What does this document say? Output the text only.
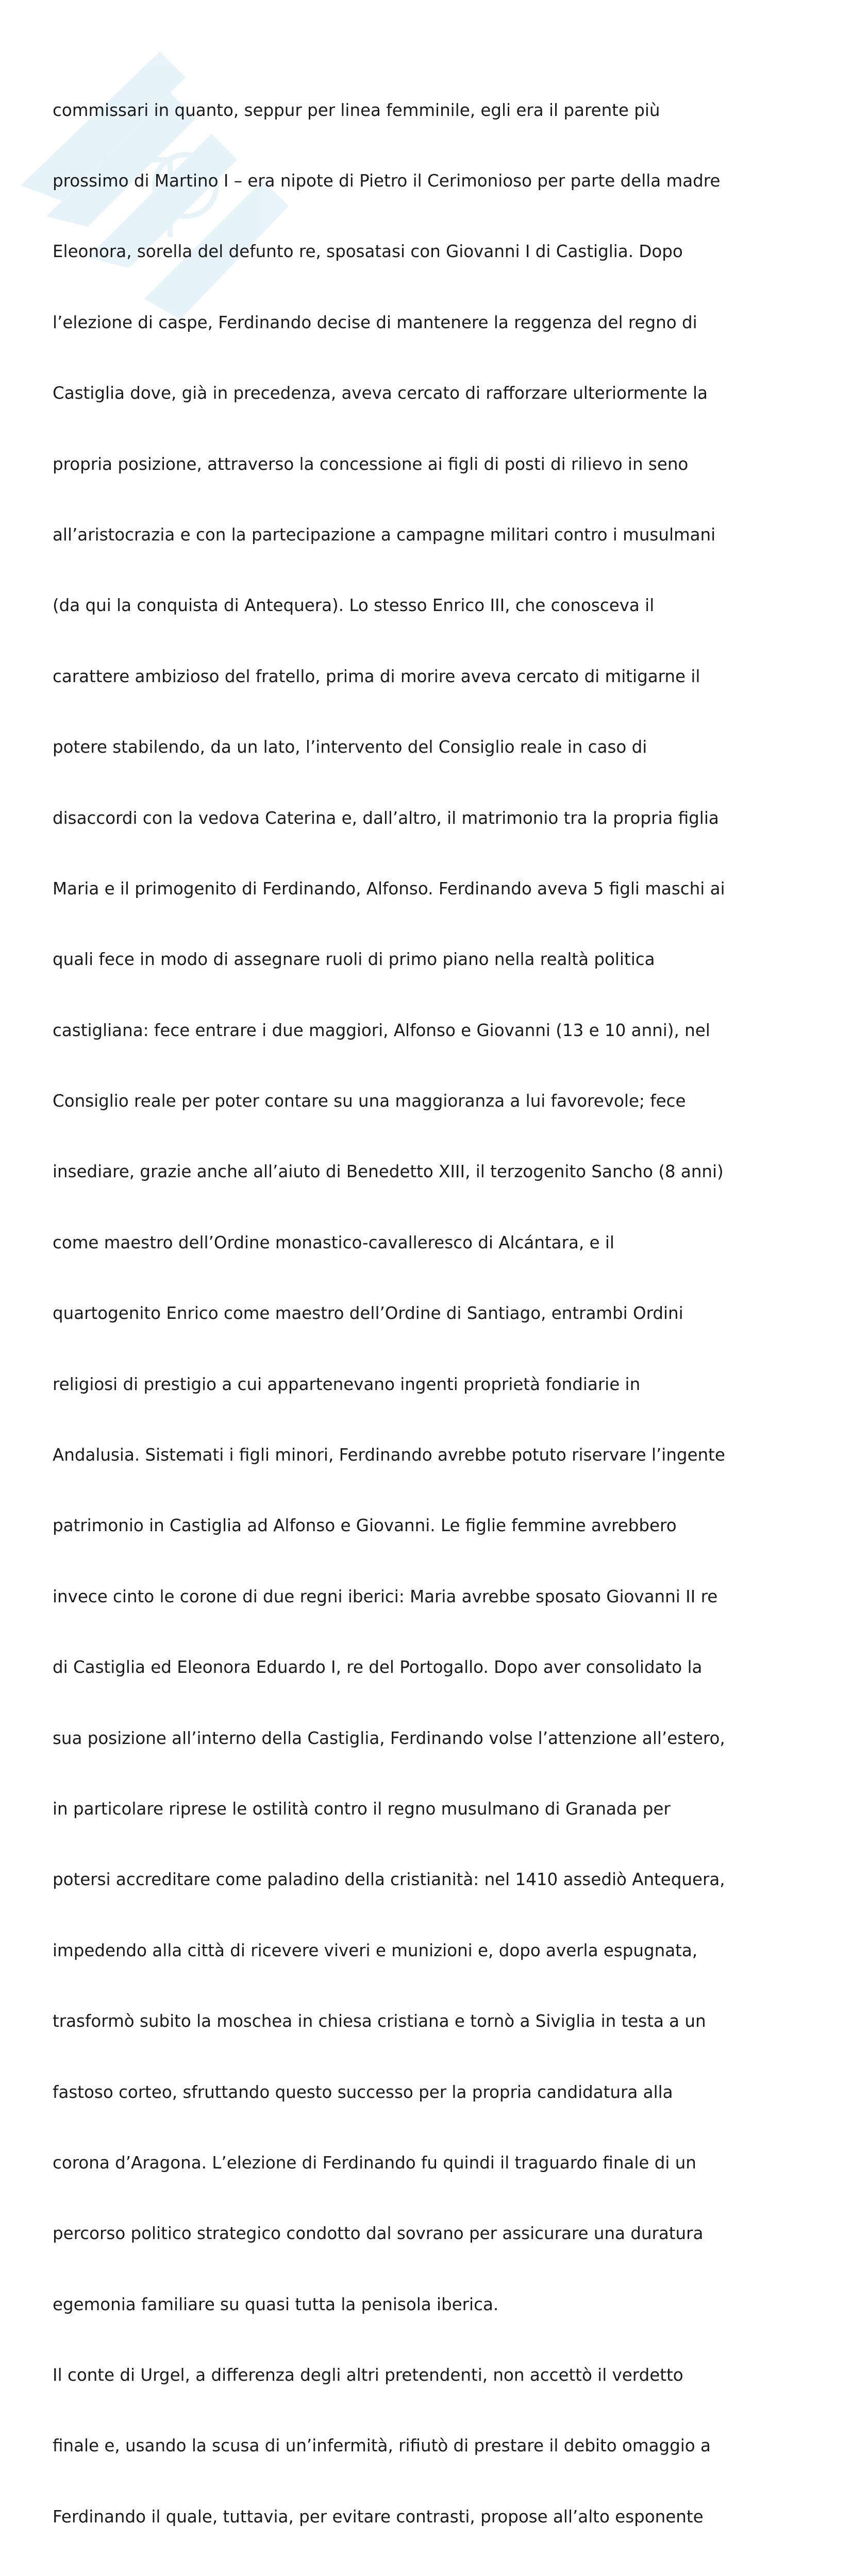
commissari in quanto, seppur per linea femminile, egli era il parente più

prossimo di Martino I – era nipote di Pietro il Cerimonioso per parte della madre

Eleonora, sorella del defunto re, sposatasi con Giovanni I di Castiglia. Dopo

l’elezione di caspe, Ferdinando decise di mantenere la reggenza del regno di

Castiglia dove, già in precedenza, aveva cercato di rafforzare ulteriormente la

propria posizione, attraverso la concessione ai figli di posti di rilievo in seno

all’aristocrazia e con la partecipazione a campagne militari contro i musulmani

(da qui la conquista di Antequera). Lo stesso Enrico III, che conosceva il

carattere ambizioso del fratello, prima di morire aveva cercato di mitigarne il

potere stabilendo, da un lato, l’intervento del Consiglio reale in caso di

disaccordi con la vedova Caterina e, dall’altro, il matrimonio tra la propria figlia

Maria e il primogenito di Ferdinando, Alfonso. Ferdinando aveva 5 figli maschi ai

quali fece in modo di assegnare ruoli di primo piano nella realtà politica

castigliana: fece entrare i due maggiori, Alfonso e Giovanni (13 e 10 anni), nel

Consiglio reale per poter contare su una maggioranza a lui favorevole; fece

insediare, grazie anche all’aiuto di Benedetto XIII, il terzogenito Sancho (8 anni)

come maestro dell’Ordine monastico-cavalleresco di Alcántara, e il

quartogenito Enrico come maestro dell’Ordine di Santiago, entrambi Ordini

religiosi di prestigio a cui appartenevano ingenti proprietà fondiarie in

Andalusia. Sistemati i figli minori, Ferdinando avrebbe potuto riservare l’ingente

patrimonio in Castiglia ad Alfonso e Giovanni. Le figlie femmine avrebbero

invece cinto le corone di due regni iberici: Maria avrebbe sposato Giovanni II re

di Castiglia ed Eleonora Eduardo I, re del Portogallo. Dopo aver consolidato la

sua posizione all’interno della Castiglia, Ferdinando volse l’attenzione all’estero,

in particolare riprese le ostilità contro il regno musulmano di Granada per

potersi accreditare come paladino della cristianità: nel 1410 assediò Antequera,

impedendo alla città di ricevere viveri e munizioni e, dopo averla espugnata,

trasformò subito la moschea in chiesa cristiana e tornò a Siviglia in testa a un

fastoso corteo, sfruttando questo successo per la propria candidatura alla

corona d’Aragona. L’elezione di Ferdinando fu quindi il traguardo finale di un

percorso politico strategico condotto dal sovrano per assicurare una duratura

egemonia familiare su quasi tutta la penisola iberica.

Il conte di Urgel, a differenza degli altri pretendenti, non accettò il verdetto

finale e, usando la scusa di un’infermità, rifiutò di prestare il debito omaggio a

Ferdinando il quale, tuttavia, per evitare contrasti, propose all’alto esponente
